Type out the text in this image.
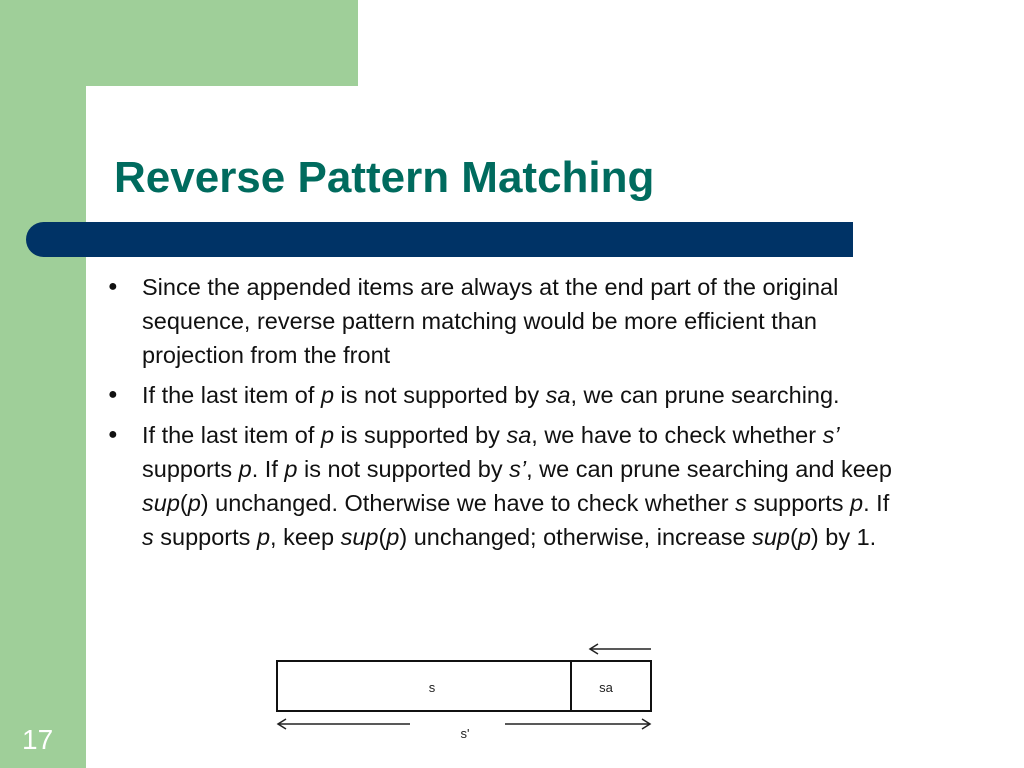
Reverse Pattern Matching
● Since the appended items are always at the end part of the original sequence, reverse pattern matching would be more efficient than projection from the front
● If the last item of p is not supported by sa, we can prune searching.
● If the last item of p is supported by sa, we have to check whether s’ supports p. If p is not supported by s’, we can prune searching and keep sup(p) unchanged. Otherwise we have to check whether s supports p. If s supports p, keep sup(p) unchanged; otherwise, increase sup(p) by 1.
s	sa
s'
17
